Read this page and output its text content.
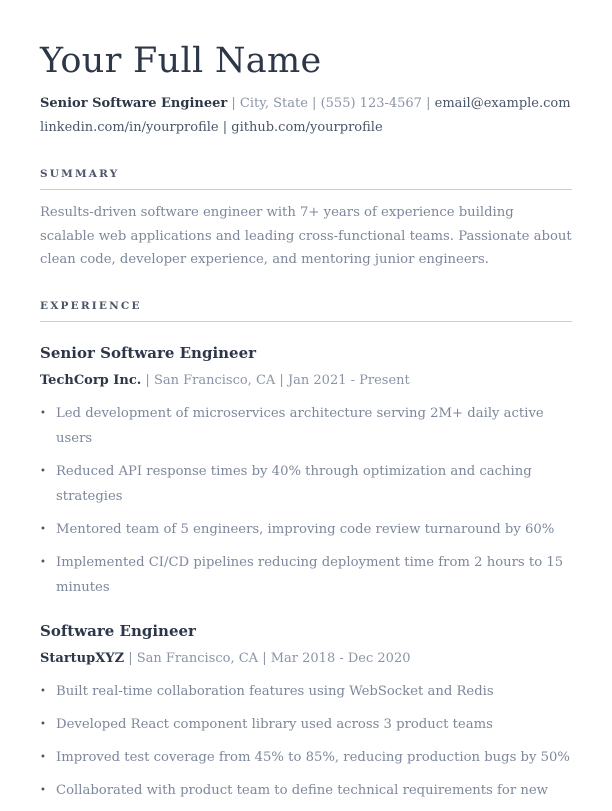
Your Full Name
Senior Software Engineer | City, State | (555) 123-4567 | email@example.com
linkedin.com/in/yourprofile | github.com/yourprofile
SUMMARY
Results-driven software engineer with 7+ years of experience building scalable web applications and leading cross-functional teams. Passionate about clean code, developer experience, and mentoring junior engineers.
EXPERIENCE
Senior Software Engineer
TechCorp Inc. | San Francisco, CA | Jan 2021 - Present
• Led development of microservices architecture serving 2M+ daily active users
• Reduced API response times by 40% through optimization and caching strategies
• Mentored team of 5 engineers, improving code review turnaround by 60%
• Implemented CI/CD pipelines reducing deployment time from 2 hours to 15 minutes
Software Engineer
StartupXYZ | San Francisco, CA | Mar 2018 - Dec 2020
• Built real-time collaboration features using WebSocket and Redis
• Developed React component library used across 3 product teams
• Improved test coverage from 45% to 85%, reducing production bugs by 50%
• Collaborated with product team to define technical requirements for new
